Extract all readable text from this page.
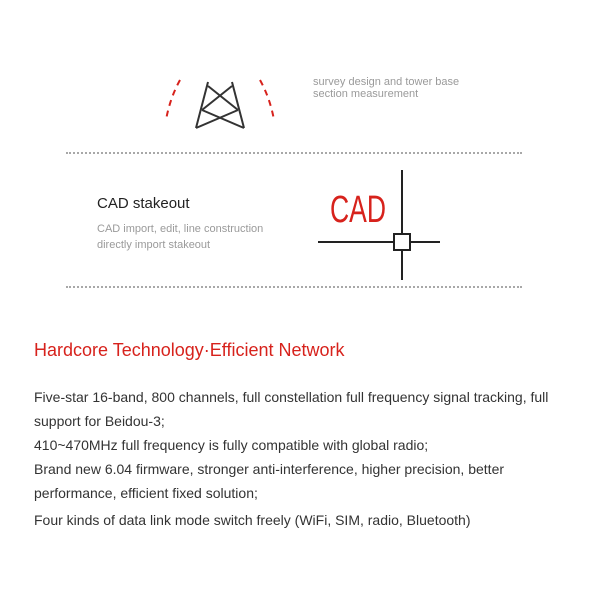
survey design and tower base
section measurement
CAD stakeout
CAD import, edit, line construction
directly import stakeout
CAD
Hardcore Technology·Efficient Network
Five-star 16-band, 800 channels, full constellation full frequency signal tracking, full support for Beidou-3;
410~470MHz full frequency is fully compatible with global radio;
Brand new 6.04 firmware, stronger anti-interference, higher precision, better performance, efficient fixed solution;
Four kinds of data link mode switch freely (WiFi, SIM, radio, Bluetooth)
